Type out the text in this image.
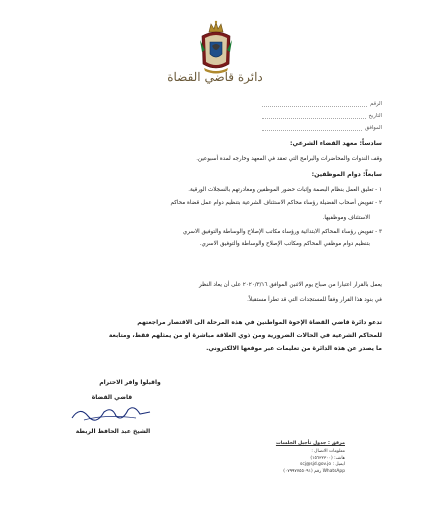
دائرة قاضي القضاة
الرقم
التاريخ
الموافق
سادساً: معهد القضاء الشرعي:
وقف الندوات والمحاضرات والبرامج التي تعقد في المعهد وخارجه لمدة أسبوعين.
سابعاً: دوام الموظفين:
١ - تعليق العمل بنظام البصمة وإثبات حضور الموظفين ومغادرتهم بالسجلات الورقية.
٢ - تفويض أصحاب الفضيلة رؤساء محاكم الاستئناف الشرعية بتنظيم دوام عمل قضاة محاكم
الاستئناف وموظفيها.
٣ - تفويض رؤساء المحاكم الابتدائية ورؤساء مكاتب الإصلاح والوساطة والتوفيق الاسري
بتنظيم دوام موظفي المحاكم ومكاتب الإصلاح والوساطة والتوفيق الاسري.
يعمل بالقرار اعتبارا من صباح يوم الاثنين الموافق ٢٠٢٠/٣/١٦ على أن يعاد النظر
في بنود هذا القرار وفقاً للمستجدات التي قد تطرأ مستقبلاً.
تدعو دائرة قاضي القضاة الإخوة المواطنين في هذه المرحلة الى الاقتصار مراجعتهم
للمحاكم الشرعية في الحالات الضرورية ومن ذوي العلاقة مباشرة او من يمثلهم فقط، ومتابعة
ما يصدر عن هذه الدائرة من تعليمات عبر موقعها الالكتروني.
واقبلوا وافر الاحترام
قاضي القضاة
الشيخ عبد الحافظ الربطة
مرفق : جدول تأجيل الجلسات
معلومات الاتصال :
هاتف: (١٥٦٣٢٣٠٠)
ايميل : scj@sjd.gov.jo
WhatsApp رقم (٠٧٩٩٧٧٥٥٠٩١)
